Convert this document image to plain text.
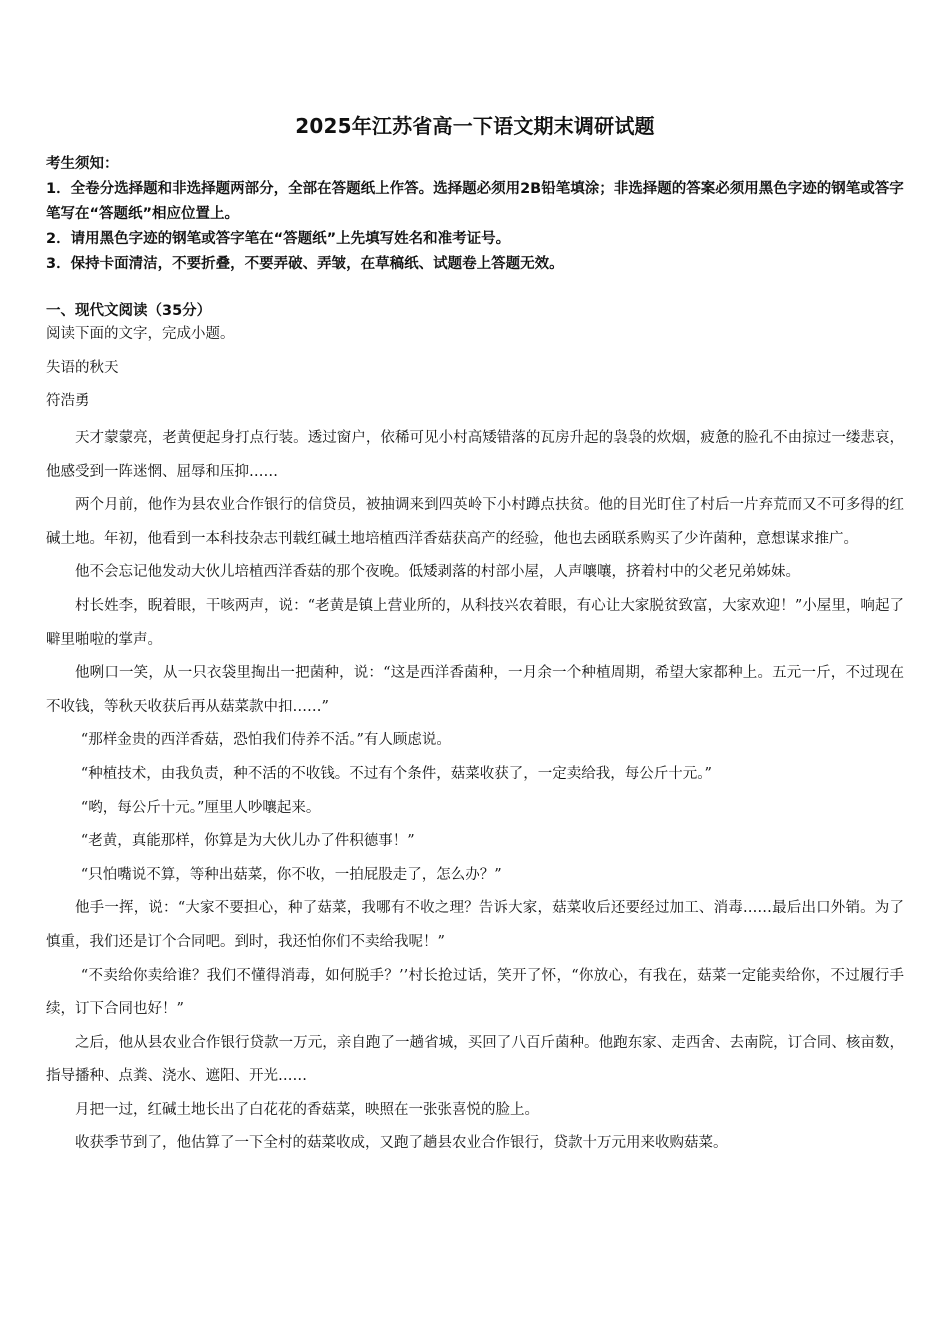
2025年江苏省高一下语文期末调研试题

考生须知：

1．全卷分选择题和非选择题两部分，全部在答题纸上作答。选择题必须用2B铅笔填涂；非选择题的答案必须用黑色字迹的钢笔或答字笔写在“答题纸”相应位置上。

2．请用黑色字迹的钢笔或答字笔在“答题纸”上先填写姓名和准考证号。

3．保持卡面清洁，不要折叠，不要弄破、弄皱，在草稿纸、试题卷上答题无效。

一、现代文阅读（35分）
阅读下面的文字，完成小题。
失语的秋天
符浩勇

天才蒙蒙亮，老黄便起身打点行装。透过窗户，依稀可见小村高矮错落的瓦房升起的袅袅的炊烟，疲惫的脸孔不由掠过一缕悲哀，他感受到一阵迷惘、屈辱和压抑……

两个月前，他作为县农业合作银行的信贷员，被抽调来到四英岭下小村蹲点扶贫。他的目光盯住了村后一片弃荒而又不可多得的红碱土地。年初，他看到一本科技杂志刊载红碱土地培植西洋香菇获高产的经验，他也去函联系购买了少许菌种，意想谋求推广。

他不会忘记他发动大伙儿培植西洋香菇的那个夜晚。低矮剥落的村部小屋，人声嚷嚷，挤着村中的父老兄弟姊妹。

村长姓李，睨着眼，干咳两声，说：“老黄是镇上营业所的，从科技兴农着眼，有心让大家脱贫致富，大家欢迎！”小屋里，响起了噼里啪啦的掌声。

他咧口一笑，从一只衣袋里掏出一把菌种，说：“这是西洋香菌种，一月余一个种植周期，希望大家都种上。五元一斤，不过现在不收钱，等秋天收获后再从菇菜款中扣……”

“那样金贵的西洋香菇，恐怕我们侍养不活。”有人顾虑说。

“种植技术，由我负责，种不活的不收钱。不过有个条件，菇菜收获了，一定卖给我，每公斤十元。”

“哟，每公斤十元。”厘里人吵嚷起来。

“老黄，真能那样，你算是为大伙儿办了件积德事！”

“只怕嘴说不算，等种出菇菜，你不收，一拍屁股走了，怎么办？”

他手一挥，说：“大家不要担心，种了菇菜，我哪有不收之理？告诉大家，菇菜收后还要经过加工、消毒……最后出口外销。为了慎重，我们还是订个合同吧。到时，我还怕你们不卖给我呢！”

“不卖给你卖给谁？我们不懂得消毒，如何脱手？’’村长抢过话，笑开了怀，“你放心，有我在，菇菜一定能卖给你，不过履行手续，订下合同也好！”

之后，他从县农业合作银行贷款一万元，亲自跑了一趟省城，买回了八百斤菌种。他跑东家、走西舍、去南院，订合同、核亩数，指导播种、点粪、浇水、遮阳、开光……

月把一过，红碱土地长出了白花花的香菇菜，映照在一张张喜悦的脸上。

收获季节到了，他估算了一下全村的菇菜收成，又跑了趟县农业合作银行，贷款十万元用来收购菇菜。
